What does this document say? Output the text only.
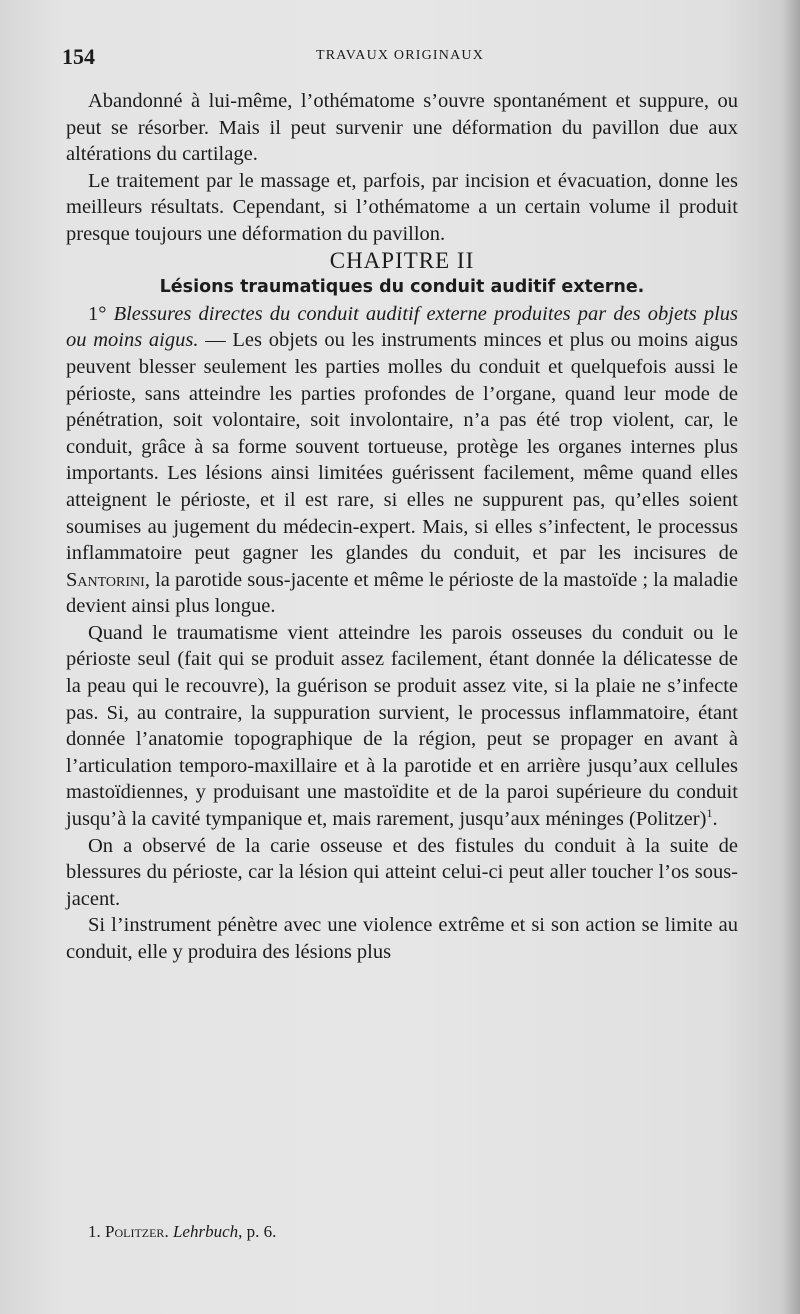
154	TRAVAUX ORIGINAUX

Abandonné à lui-même, l’othématome s’ouvre spontanément et suppure, ou peut se résorber. Mais il peut survenir une déformation du pavillon due aux altérations du cartilage.

Le traitement par le massage et, parfois, par incision et évacuation, donne les meilleurs résultats. Cependant, si l’othématome a un certain volume il produit presque toujours une déformation du pavillon.

CHAPITRE II

Lésions traumatiques du conduit auditif externe.

1° Blessures directes du conduit auditif externe produites par des objets plus ou moins aigus. — Les objets ou les instruments minces et plus ou moins aigus peuvent blesser seulement les parties molles du conduit et quelquefois aussi le périoste, sans atteindre les parties profondes de l’organe, quand leur mode de pénétration, soit volontaire, soit involontaire, n’a pas été trop violent, car, le conduit, grâce à sa forme souvent tortueuse, protège les organes internes plus importants. Les lésions ainsi limitées guérissent facilement, même quand elles atteignent le périoste, et il est rare, si elles ne suppurent pas, qu’elles soient soumises au jugement du médecin-expert. Mais, si elles s’infectent, le processus inflammatoire peut gagner les glandes du conduit, et par les incisures de Santorini, la parotide sous-jacente et même le périoste de la mastoïde ; la maladie devient ainsi plus longue.

Quand le traumatisme vient atteindre les parois osseuses du conduit ou le périoste seul (fait qui se produit assez facilement, étant donnée la délicatesse de la peau qui le recouvre), la guérison se produit assez vite, si la plaie ne s’infecte pas. Si, au contraire, la suppuration survient, le processus inflammatoire, étant donnée l’anatomie topographique de la région, peut se propager en avant à l’articulation temporo-maxillaire et à la parotide et en arrière jusqu’aux cellules mastoïdiennes, y produisant une mastoïdite et de la paroi supérieure du conduit jusqu’à la cavité tympanique et, mais rarement, jusqu’aux méninges (Politzer)$^1$.

On a observé de la carie osseuse et des fistules du conduit à la suite de blessures du périoste, car la lésion qui atteint celui-ci peut aller toucher l’os sous-jacent.

Si l’instrument pénètre avec une violence extrême et si son action se limite au conduit, elle y produira des lésions plus

1. Politzer. Lehrbuch, p. 6.
